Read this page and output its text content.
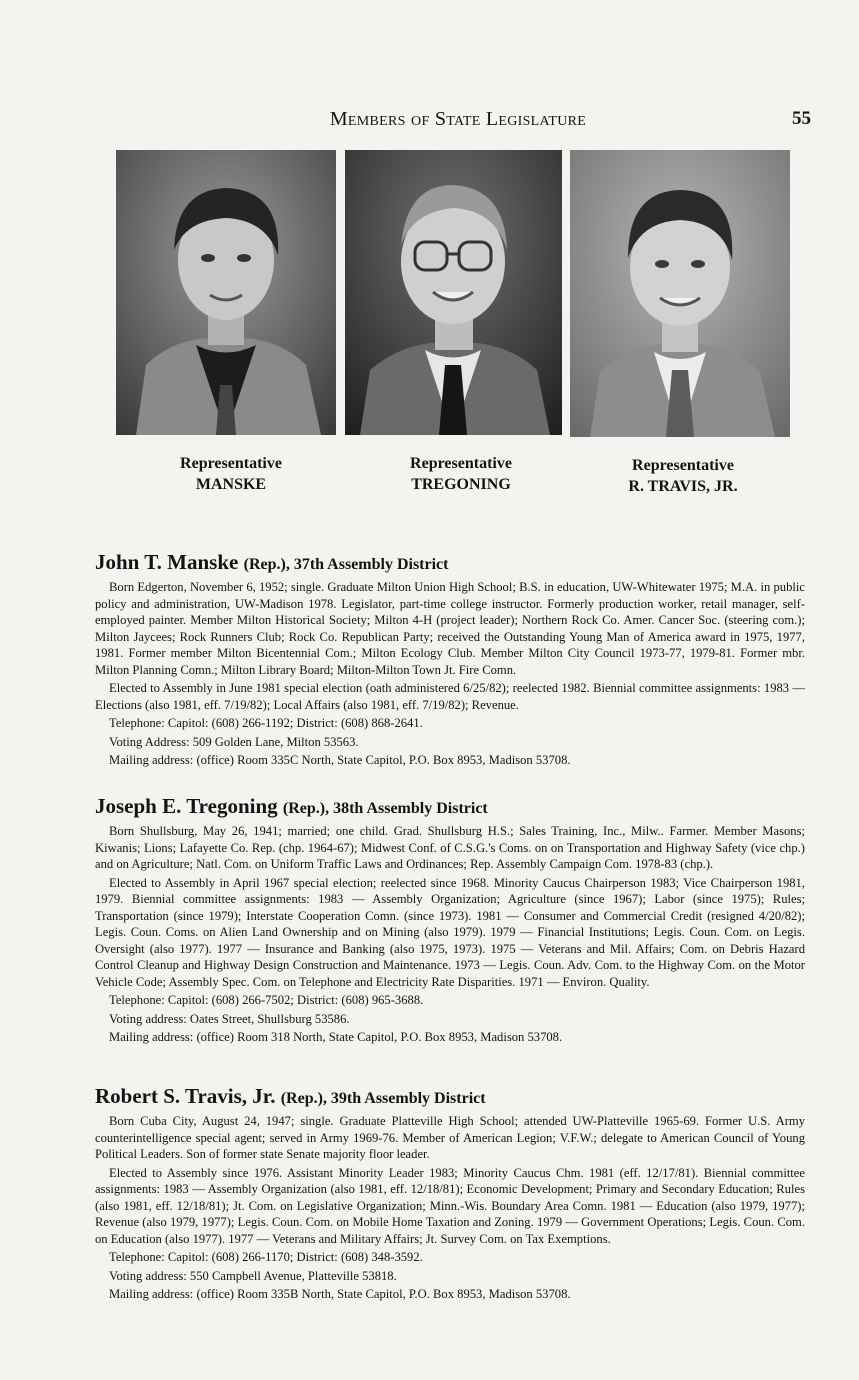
Members of State Legislature	55
Representative
MANSKE
Representative
TREGONING
Representative
R. TRAVIS, JR.
John T. Manske (Rep.), 37th Assembly District

Born Edgerton, November 6, 1952; single. Graduate Milton Union High School; B.S. in education, UW-Whitewater 1975; M.A. in public policy and administration, UW-Madison 1978. Legislator, part-time college instructor. Formerly production worker, retail manager, self-employed painter. Member Milton Historical Society; Milton 4-H (project leader); Northern Rock Co. Amer. Cancer Soc. (steering com.); Milton Jaycees; Rock Runners Club; Rock Co. Republican Party; received the Outstanding Young Man of America award in 1975, 1977, 1981. Former member Milton Bicentennial Com.; Milton Ecology Club. Member Milton City Council 1973-77, 1979-81. Former mbr. Milton Planning Comn.; Milton Library Board; Milton-Milton Town Jt. Fire Comn.

Elected to Assembly in June 1981 special election (oath administered 6/25/82); reelected 1982. Biennial committee assignments: 1983 — Elections (also 1981, eff. 7/19/82); Local Affairs (also 1981, eff. 7/19/82); Revenue.

Telephone: Capitol: (608) 266-1192; District: (608) 868-2641.

Voting Address: 509 Golden Lane, Milton 53563.

Mailing address: (office) Room 335C North, State Capitol, P.O. Box 8953, Madison 53708.

Joseph E. Tregoning (Rep.), 38th Assembly District

Born Shullsburg, May 26, 1941; married; one child. Grad. Shullsburg H.S.; Sales Training, Inc., Milw.. Farmer. Member Masons; Kiwanis; Lions; Lafayette Co. Rep. (chp. 1964-67); Midwest Conf. of C.S.G.'s Coms. on on Transportation and Highway Safety (vice chp.) and on Agriculture; Natl. Com. on Uniform Traffic Laws and Ordinances; Rep. Assembly Campaign Com. 1978-83 (chp.).

Elected to Assembly in April 1967 special election; reelected since 1968. Minority Caucus Chairperson 1983; Vice Chairperson 1981, 1979. Biennial committee assignments: 1983 — Assembly Organization; Agriculture (since 1967); Labor (since 1975); Rules; Transportation (since 1979); Interstate Cooperation Comn. (since 1973). 1981 — Consumer and Commercial Credit (resigned 4/20/82); Legis. Coun. Coms. on Alien Land Ownership and on Mining (also 1979). 1979 — Financial Institutions; Legis. Coun. Com. on Legis. Oversight (also 1977). 1977 — Insurance and Banking (also 1975, 1973). 1975 — Veterans and Mil. Affairs; Com. on Debris Hazard Control Cleanup and Highway Design Construction and Maintenance. 1973 — Legis. Coun. Adv. Com. to the Highway Com. on the Motor Vehicle Code; Assembly Spec. Com. on Telephone and Electricity Rate Disparities. 1971 — Environ. Quality.

Telephone: Capitol: (608) 266-7502; District: (608) 965-3688.

Voting address: Oates Street, Shullsburg 53586.

Mailing address: (office) Room 318 North, State Capitol, P.O. Box 8953, Madison 53708.

Robert S. Travis, Jr. (Rep.), 39th Assembly District

Born Cuba City, August 24, 1947; single. Graduate Platteville High School; attended UW-Platteville 1965-69. Former U.S. Army counterintelligence special agent; served in Army 1969-76. Member of American Legion; V.F.W.; delegate to American Council of Young Political Leaders. Son of former state Senate majority floor leader.

Elected to Assembly since 1976. Assistant Minority Leader 1983; Minority Caucus Chm. 1981 (eff. 12/17/81). Biennial committee assignments: 1983 — Assembly Organization (also 1981, eff. 12/18/81); Economic Development; Primary and Secondary Education; Rules (also 1981, eff. 12/18/81); Jt. Com. on Legislative Organization; Minn.-Wis. Boundary Area Comn. 1981 — Education (also 1979, 1977); Revenue (also 1979, 1977); Legis. Coun. Com. on Mobile Home Taxation and Zoning. 1979 — Government Operations; Legis. Coun. Com. on Education (also 1977). 1977 — Veterans and Military Affairs; Jt. Survey Com. on Tax Exemptions.

Telephone: Capitol: (608) 266-1170; District: (608) 348-3592.

Voting address: 550 Campbell Avenue, Platteville 53818.

Mailing address: (office) Room 335B North, State Capitol, P.O. Box 8953, Madison 53708.
